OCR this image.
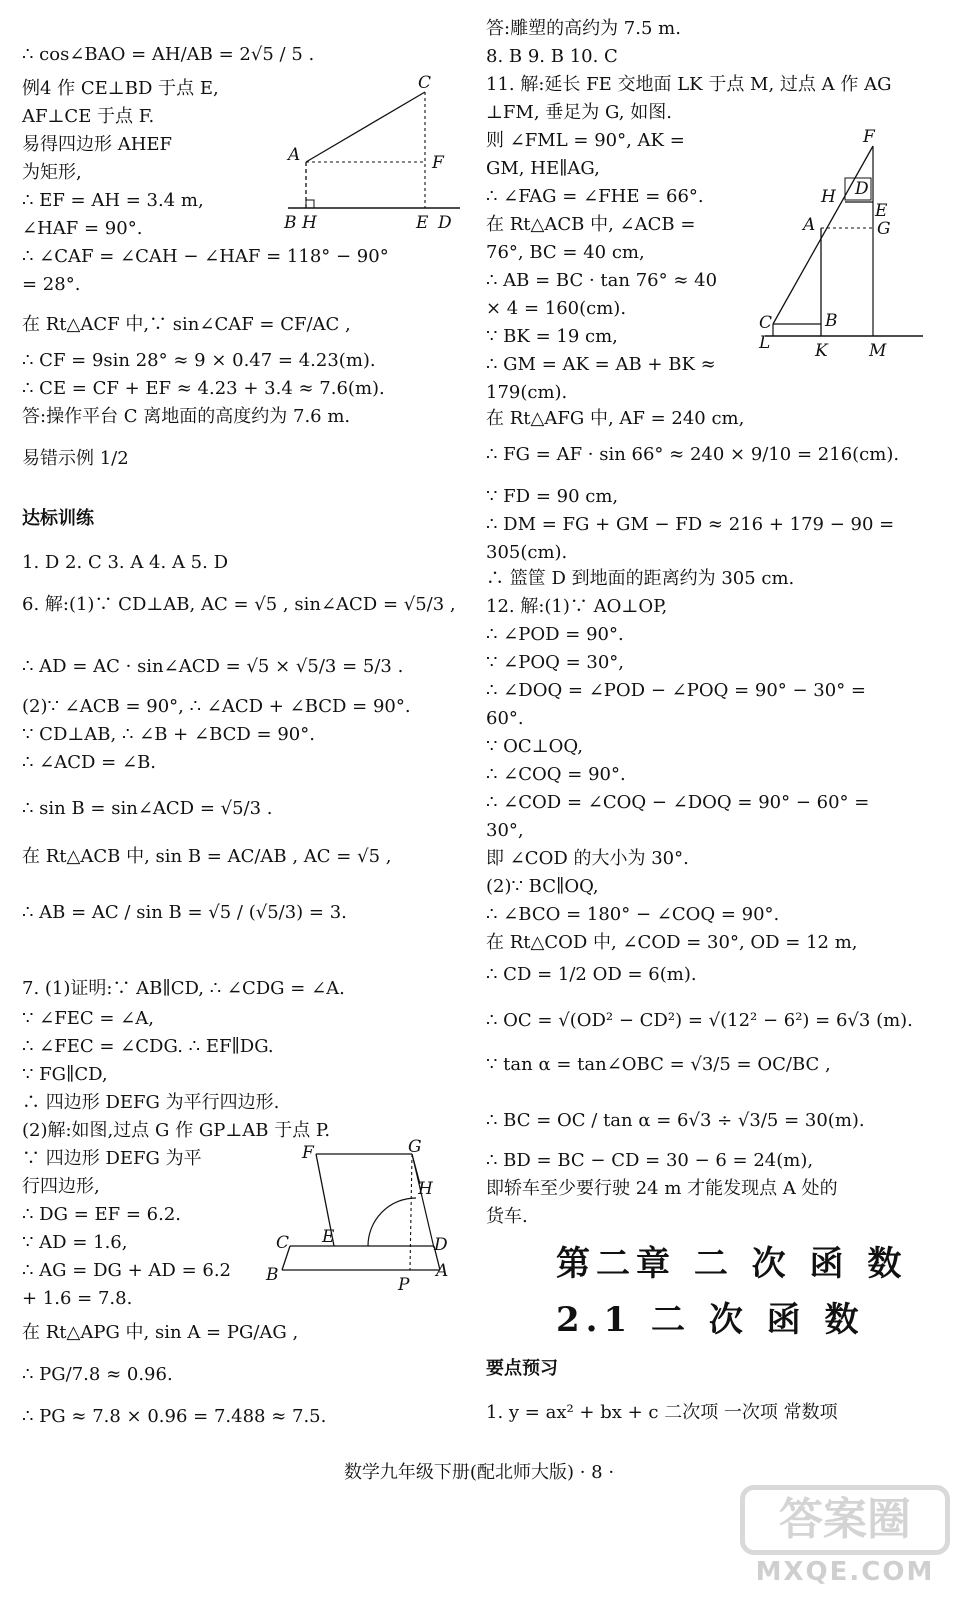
∴ cos∠BAO = AH/AB = 2√5 / 5 .
例4 作 CE⊥BD 于点 E,
AF⊥CE 于点 F.
易得四边形 AHEF
为矩形,
∴ EF = AH = 3.4 m,
∠HAF = 90°.
∴ ∠CAF = ∠CAH − ∠HAF = 118° − 90°
= 28°.
在 Rt△ACF 中,∵ sin∠CAF = CF/AC ,
∴ CF = 9sin 28° ≈ 9 × 0.47 = 4.23(m).
∴ CE = CF + EF ≈ 4.23 + 3.4 ≈ 7.6(m).
答:操作平台 C 离地面的高度约为 7.6 m.
易错示例 1/2
达标训练
1. D 2. C 3. A 4. A 5. D
6. 解:(1)∵ CD⊥AB, AC = √5 , sin∠ACD = √5/3 ,
∴ AD = AC · sin∠ACD = √5 × √5/3 = 5/3 .
(2)∵ ∠ACB = 90°, ∴ ∠ACD + ∠BCD = 90°.
∵ CD⊥AB, ∴ ∠B + ∠BCD = 90°.
∴ ∠ACD = ∠B.
∴ sin B = sin∠ACD = √5/3 .
在 Rt△ACB 中, sin B = AC/AB , AC = √5 ,
∴ AB = AC / sin B = √5 / (√5/3) = 3.
7. (1)证明:∵ AB∥CD, ∴ ∠CDG = ∠A.
∵ ∠FEC = ∠A,
∴ ∠FEC = ∠CDG. ∴ EF∥DG.
∵ FG∥CD,
∴ 四边形 DEFG 为平行四边形.
(2)解:如图,过点 G 作 GP⊥AB 于点 P.
∵ 四边形 DEFG 为平
行四边形,
∴ DG = EF = 6.2.
∵ AD = 1.6,
∴ AG = DG + AD = 6.2
+ 1.6 = 7.8.
在 Rt△APG 中, sin A = PG/AG ,
∴ PG/7.8 ≈ 0.96.
∴ PG ≈ 7.8 × 0.96 = 7.488 ≈ 7.5.
答:雕塑的高约为 7.5 m.
8. B 9. B 10. C
11. 解:延长 FE 交地面 LK 于点 M, 过点 A 作 AG
⊥FM, 垂足为 G, 如图.
则 ∠FML = 90°, AK =
GM, HE∥AG,
∴ ∠FAG = ∠FHE = 66°.
在 Rt△ACB 中, ∠ACB =
76°, BC = 40 cm,
∴ AB = BC · tan 76° ≈ 40
× 4 = 160(cm).
∵ BK = 19 cm,
∴ GM = AK = AB + BK ≈
179(cm).
在 Rt△AFG 中, AF = 240 cm,
∴ FG = AF · sin 66° ≈ 240 × 9/10 = 216(cm).
∵ FD = 90 cm,
∴ DM = FG + GM − FD ≈ 216 + 179 − 90 =
305(cm).
∴ 篮筐 D 到地面的距离约为 305 cm.
12. 解:(1)∵ AO⊥OP,
∴ ∠POD = 90°.
∵ ∠POQ = 30°,
∴ ∠DOQ = ∠POD − ∠POQ = 90° − 30° =
60°.
∵ OC⊥OQ,
∴ ∠COQ = 90°.
∴ ∠COD = ∠COQ − ∠DOQ = 90° − 60° =
30°,
即 ∠COD 的大小为 30°.
(2)∵ BC∥OQ,
∴ ∠BCO = 180° − ∠COQ = 90°.
在 Rt△COD 中, ∠COD = 30°, OD = 12 m,
∴ CD = 1/2 OD = 6(m).
∴ OC = √(OD² − CD²) = √(12² − 6²) = 6√3 (m).
∵ tan α = tan∠OBC = √3/5 = OC/BC ,
∴ BC = OC / tan α = 6√3 ÷ √3/5 = 30(m).
∴ BD = BC − CD = 30 − 6 = 24(m),
即轿车至少要行驶 24 m 才能发现点 A 处的
货车.
第二章 二 次 函 数
2.1 二 次 函 数
要点预习
1. y = ax² + bx + c 二次项 一次项 常数项
C
A	F
B H	E D
F
H D
E
G
A
C	B
L	K M
F	G
H
C E	D
B	P
A
数学九年级下册(配北师大版) · 8 ·
答案圈
MXQE.COM
